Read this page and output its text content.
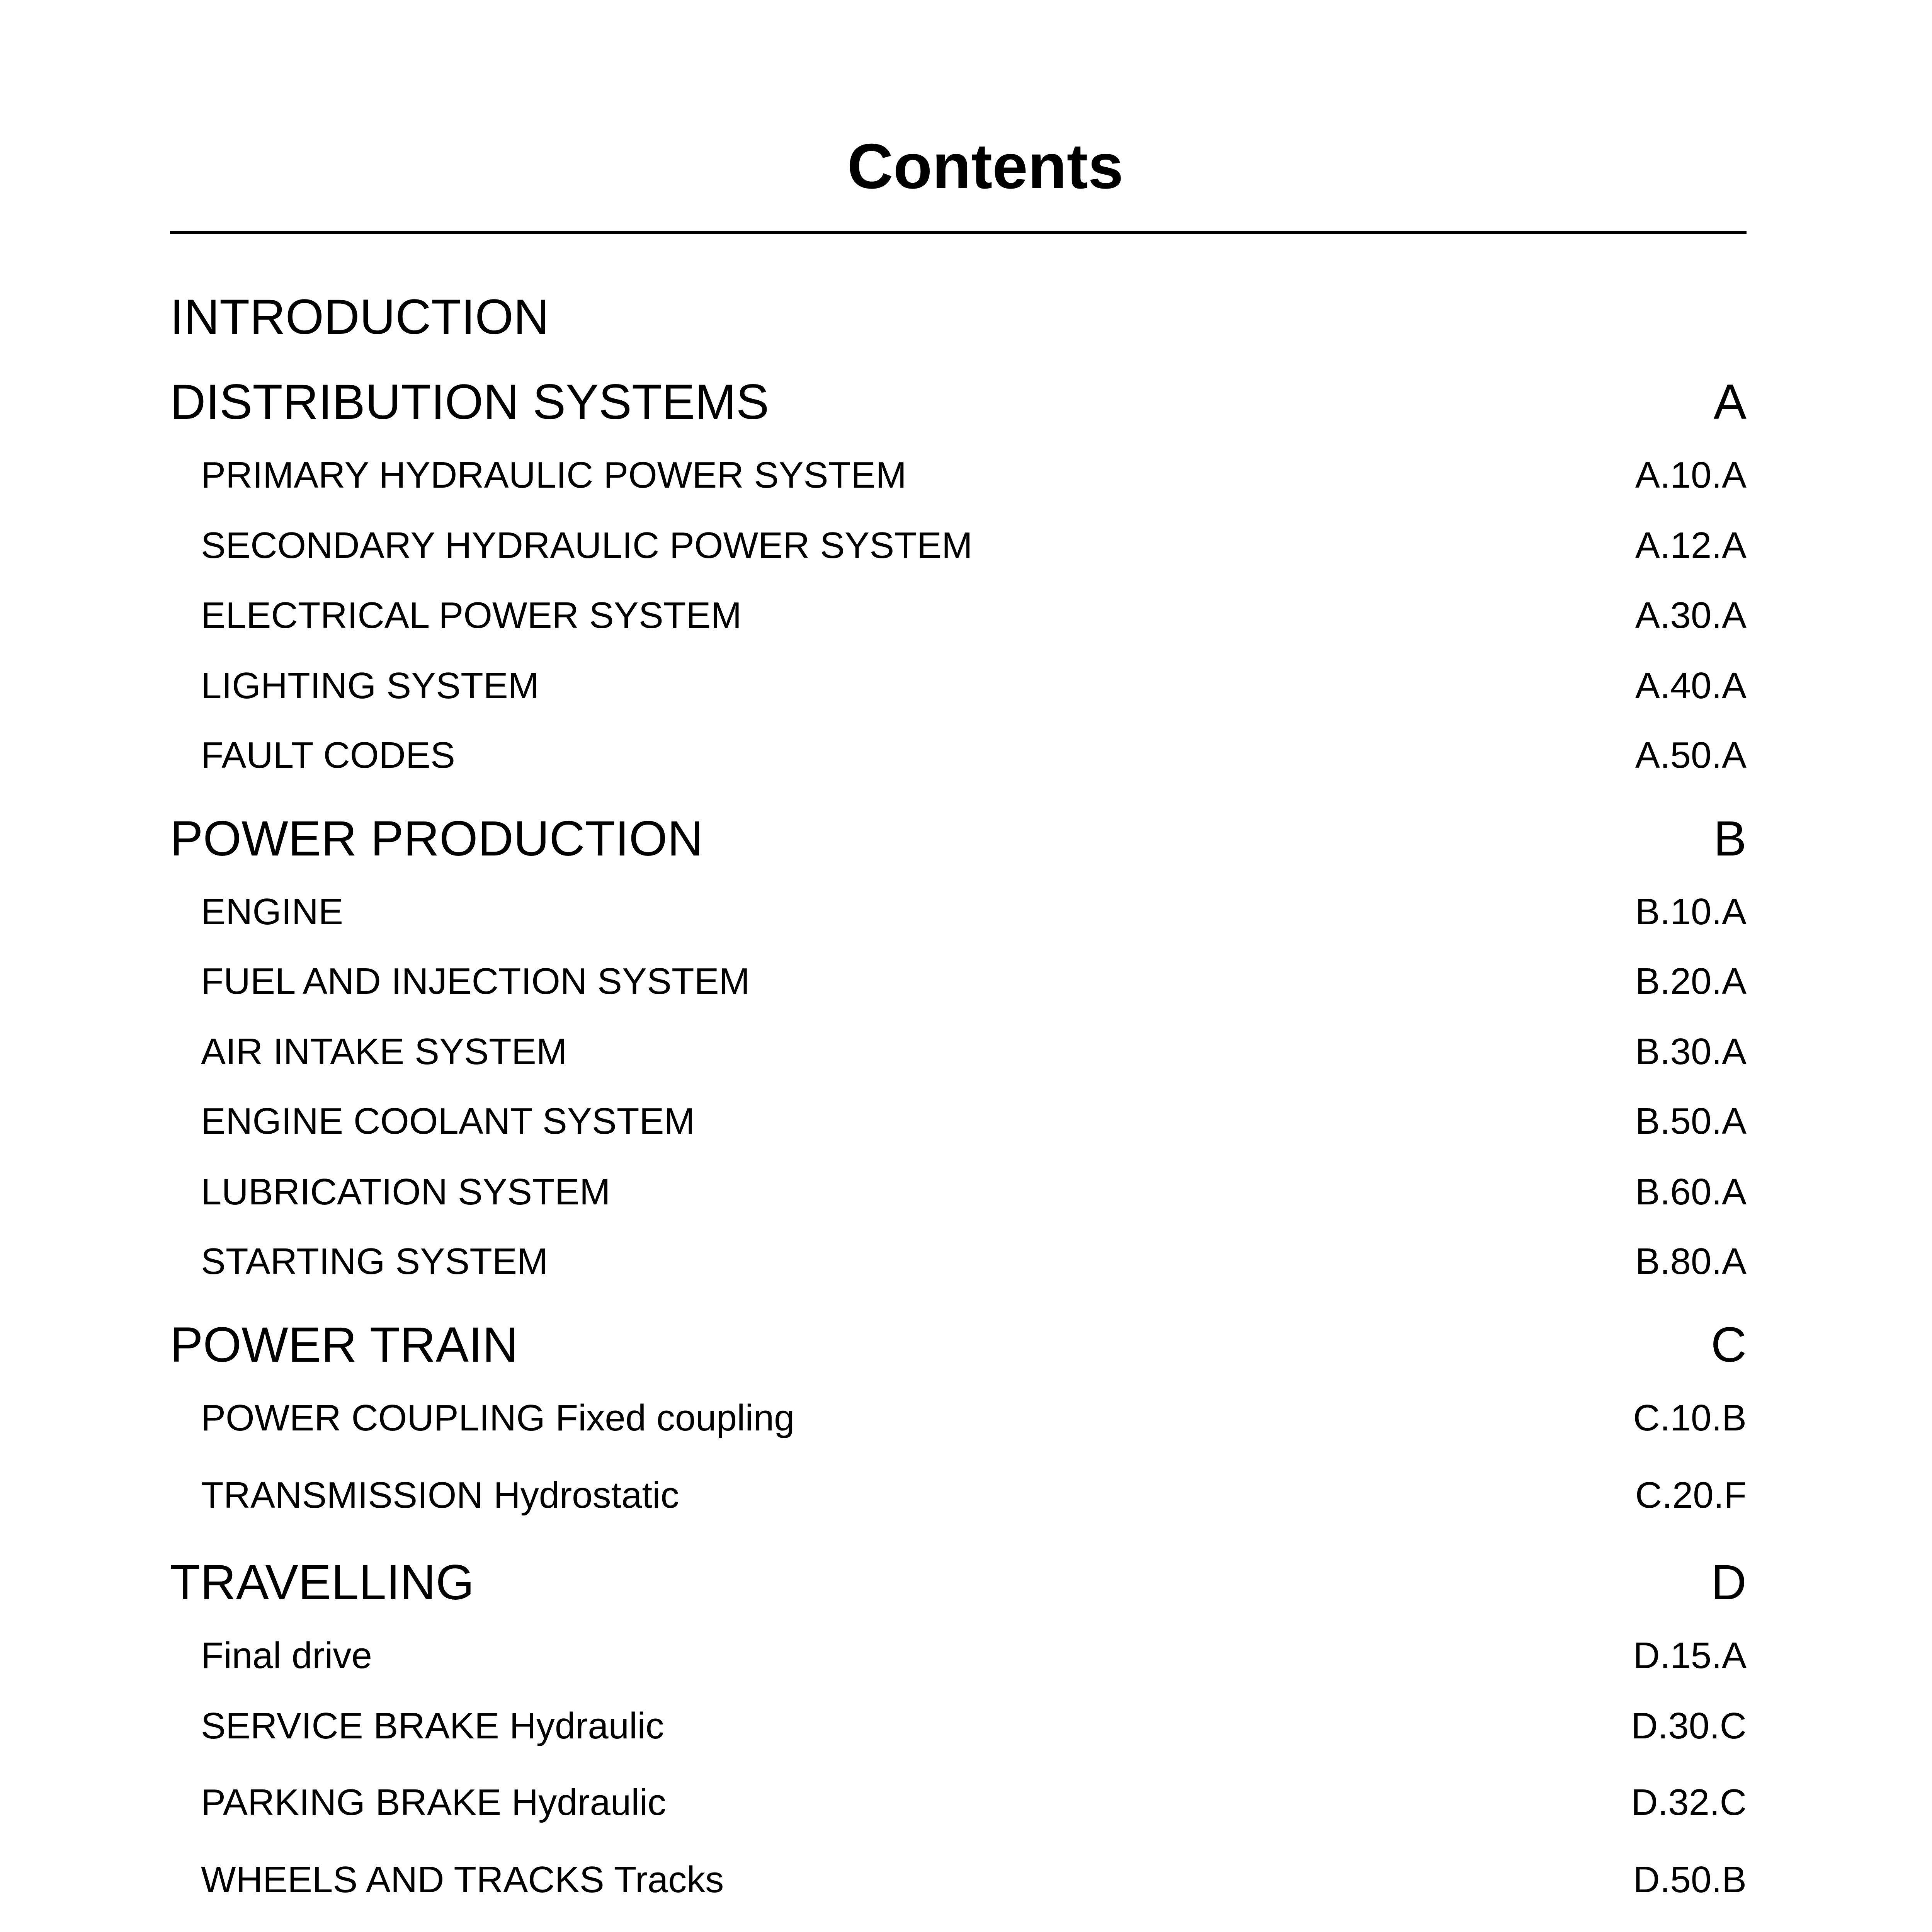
Contents
INTRODUCTION
DISTRIBUTION SYSTEMS	A
PRIMARY HYDRAULIC POWER SYSTEM	A.10.A
SECONDARY HYDRAULIC POWER SYSTEM	A.12.A
ELECTRICAL POWER SYSTEM	A.30.A
LIGHTING SYSTEM	A.40.A
FAULT CODES	A.50.A
POWER PRODUCTION	B
ENGINE	B.10.A
FUEL AND INJECTION SYSTEM	B.20.A
AIR INTAKE SYSTEM	B.30.A
ENGINE COOLANT SYSTEM	B.50.A
LUBRICATION SYSTEM	B.60.A
STARTING SYSTEM	B.80.A
POWER TRAIN	C
POWER COUPLING Fixed coupling	C.10.B
TRANSMISSION Hydrostatic	C.20.F
TRAVELLING	D
Final drive	D.15.A
SERVICE BRAKE Hydraulic	D.30.C
PARKING BRAKE Hydraulic	D.32.C
WHEELS AND TRACKS Tracks	D.50.B
